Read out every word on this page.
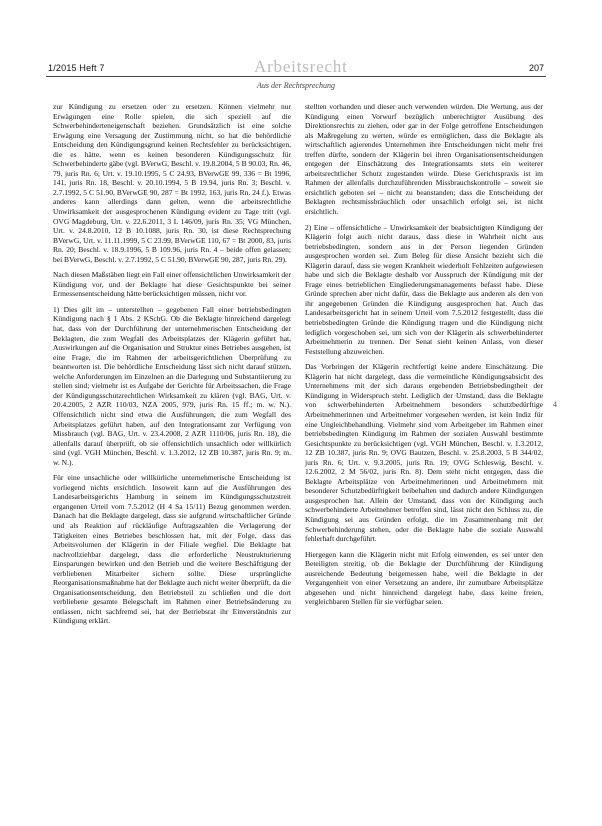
1/2015 Heft 7	Arbeitsrecht	207
Aus der Rechtsprechung

zur Kündigung zu ersetzen oder zu ersetzen. Können vielmehr nur Erwägungen eine Rolle spielen, die sich speziell auf die Schwerbehinderteneigenschaft beziehen. Grundsätzlich ist eine solche Erwägung eine Versagung der Zustimmung nicht, so hat die behördliche Entscheidung den Kündigungsgrund keinen Rechtsfehler zu berücksichtigen, die es hätte, wenn es keinen besonderen Kündigungsschutz für Schwerbehinderte gäbe (vgl. BVerwG, Beschl. v. 19.8.2004, 5 B 90.03, Rn. 46, 79, juris Rn. 6; Urt. v. 19.10.1995, 5 C 24.93, BVerwGE 99, 336 = Bt 1996, 141, juris Rn. 18, Beschl. v. 20.10.1994, 5 B 19.94, juris Rn. 3; Beschl. v. 2.7.1992, 5 C 51.90, BVerwGE 90, 287 = Bt 1992, 163, juris Rn. 24 f.). Etwas anderes kann allerdings dann gelten, wenn die arbeitsrechtliche Unwirksamkeit der ausgesprochenen Kündigung evident zu Tage tritt (vgl. OVG Magdeburg, Urt. v. 22.6.2011, 3 L 146/09, juris Rn. 35; VG München, Urt. v. 24.8.2010, 12 B 10.1088, juris Rn. 30, ist diese Rechtsprechung BVerwG, Urt. v. 11.11.1999, 5 C 23.99, BVerwGE 110, 67 = Bt 2000, 83, juris Rn. 20; Beschl. v. 18.9.1996, 5 B 109.96, juris Rn. 4 – beide offen gelassen; bei BVerwG, Beschl. v. 2.7.1992, 5 C 51.90, BVerwGE 90, 287, juris Rn. 29).

Nach diesen Maßstäben liegt ein Fall einer offensichtlichen Unwirksamkeit der Kündigung vor, und der Beklagte hat diese Gesichtspunkte bei seiner Ermessensentscheidung hätte berücksichtigen müssen, nicht vor.

1) Dies gilt im – unterstellten – gegebenen Fall einer betriebsbedingten Kündigung nach § 1 Abs. 2 KSchG. Ob die Beklagte hinreichend dargelegt hat, dass von der Durchführung der unternehmerischen Entscheidung der Beklagten, die zum Wegfall des Arbeitsplatzes der Klägerin geführt hat, Auswirkungen auf die Organisation und Struktur eines Betriebes ausgehen, ist eine Frage, die im Rahmen der arbeitsgerichtlichen Überprüfung zu beantworten ist. Die behördliche Entscheidung lässt sich nicht darauf stützen, welche Anforderungen im Einzelnen an die Darlegung und Substantiierung zu stellen sind; vielmehr ist es Aufgabe der Gerichte für Arbeitssachen, die Frage der Kündigungsschutzrechtlichen Wirksamkeit zu klären (vgl. BAG, Urt. v. 20.4.2005, 2 AZR 110/03, NZA 2005, 979, juris Rn. 15 ff.; m. w. N.). Offensichtlich nicht sind etwa die Ausführungen, die zum Wegfall des Arbeitsplatzes geführt haben, auf den Integrationsamt zur Verfügung von Missbrauch (vgl. BAG, Urt. v. 23.4.2008, 2 AZR 1110/06, juris Rn. 18), die allenfalls darauf überprüft, ob sie offensichtlich unsachlich oder willkürlich sind (vgl. VGH München, Beschl. v. 1.3.2012, 12 ZB 10.387, juris Rn. 9; m. w. N.).

Für eine unsachliche oder willkürliche unternehmerische Entscheidung ist vorliegend nichts ersichtlich. Insoweit kann auf die Ausführungen des Landesarbeitsgerichts Hamburg in seinem im Kündigungsschutzstreit ergangenen Urteil vom 7.5.2012 (H 4 Sa 15/11) Bezug genommen werden. Danach hat die Beklagte dargelegt, dass sie aufgrund wirtschaftlicher Gründe und als Reaktion auf rückläufige Auftragszahlen die Verlagerung der Tätigkeiten eines Betriebes beschlossen hat, mit der Folge, dass das Arbeitsvolumen der Klägerin in der Filiale wegfiel. Die Beklagte hat nachvollziehbar dargelegt, dass die erforderliche Neustrukturierung Einsparungen bewirken und den Betrieb und die weitere Beschäftigung der verbliebenen Mitarbeiter sichern sollte. Diese ursprüngliche Reorganisationsmaßnahme hat der Beklagte auch nicht weiter überprüft, da die Organisationsentscheidung, den Betriebsteil zu schließen und die dort verbliebene gesamte Belegschaft im Rahmen einer Betriebsänderung zu entlassen, nicht sachfremd sei, hat der Betriebsrat ihr Einverständnis zur Kündigung erklärt.

stellten vorhanden und dieser auch verwenden würden. Die Wertung, aus der Kündigung einen Vorwurf bezüglich unberechtigter Ausübung des Direktionsrechts zu ziehen, oder gar in der Folge getroffene Entscheidungen als Maßregelung zu werten, würde es ermöglichen, dass die Beklagte als wirtschaftlich agierendes Unternehmen ihre Entscheidungen nicht mehr frei treffen dürfte, sondern der Klägerin bei ihren Organisationsentscheidungen entgegen der Einschätzung des Integrationsamts stets ein weiterer arbeitsrechtlicher Schutz zugestanden würde. Diese Gerichtspraxis ist im Rahmen der allenfalls durchzuführenden Missbrauchskontrolle – soweit sie ersichtlich geboten sei – nicht zu beanstanden; dass die Entscheidung der Beklagten rechtsmissbräuchlich oder unsachlich erfolgt sei, ist nicht ersichtlich.

2) Eine – offensichtliche – Unwirksamkeit der beabsichtigten Kündigung der Klägerin folgt auch nicht daraus, dass diese in Wahrheit nicht aus betriebsbedingten, sondern aus in der Person liegenden Gründen ausgesprochen worden sei. Zum Beleg für diese Ansicht bezieht sich die Klägerin darauf, dass sie wegen Krankheit wiederholt Fehlzeiten aufgewiesen habe und sich die Beklagte deshalb vor Ausspruch der Kündigung mit der Frage eines betrieblichen Eingliederungsmanagements befasst habe. Diese Gründe sprechen aber nicht dafür, dass die Beklagte aus anderen als den von ihr angegebenen Gründen die Kündigung ausgesprochen hat. Auch das Landesarbeitsgericht hat in seinem Urteil vom 7.5.2012 festgestellt, dass die betriebsbedingten Gründe die Kündigung tragen und die Kündigung nicht lediglich vorgeschoben sei, um sich von der Klägerin als schwerbehinderter Arbeitnehmerin zu trennen. Der Senat sieht keinen Anlass, von dieser Feststellung abzuweichen.

Das Vorbringen der Klägerin rechtfertigt keine andere Einschätzung. Die Klägerin hat nicht dargelegt, dass die vermeintliche Kündigungsabsicht des Unternehmens mit der sich daraus ergebenden Betriebsbedingtheit der Kündigung in Widerspruch steht. Lediglich der Umstand, dass die Beklagte von schwerbehinderten Arbeitnehmern besonders schutzbedürftige Arbeitnehmerinnen und Arbeitnehmer vorgesehen werden, ist kein Indiz für eine Ungleichbehandlung. Vielmehr sind vom Arbeitgeber im Rahmen einer betriebsbedingten Kündigung im Rahmen der sozialen Auswahl bestimmte Gesichtspunkte zu berücksichtigen (vgl. VGH München, Beschl. v. 1.3.2012, 12 ZB 10.387, juris Rn. 9; OVG Bautzen, Beschl. v. 25.8.2003, 5 B 344/02, juris Rn. 6; Urt. v. 9.3.2005, juris Rn. 19; OVG Schleswig, Beschl. v. 12.6.2002, 2 M 56/02, juris Rn. 8). Dem steht nicht entgegen, dass die Beklagte Arbeitsplätze von Arbeitnehmerinnen und Arbeitnehmern mit besonderer Schutzbedürftigkeit beibehalten und dadurch andere Kündigungen ausgesprochen hat. Allein der Umstand, dass von der Kündigung auch schwerbehinderte Arbeitnehmer betroffen sind, lässt nicht den Schluss zu, die Kündigung sei aus Gründen erfolgt, die im Zusammenhang mit der Schwerbehinderung stehen, oder die Beklagte habe die soziale Auswahl fehlerhaft durchgeführt.

Hiergegen kann die Klägerin nicht mit Erfolg einwenden, es sei unter den Beteiligten streitig, ob die Beklagte der Durchführung der Kündigung ausreichende Bedeutung beigemessen habe, weil die Beklagte in der Vergangenheit von einer Versetzung an andere, ihr zumutbare Arbeitsplätze abgesehen und nicht hinreichend dargelegt habe, dass keine freien, vergleichbaren Stellen für sie verfügbar seien.

4
